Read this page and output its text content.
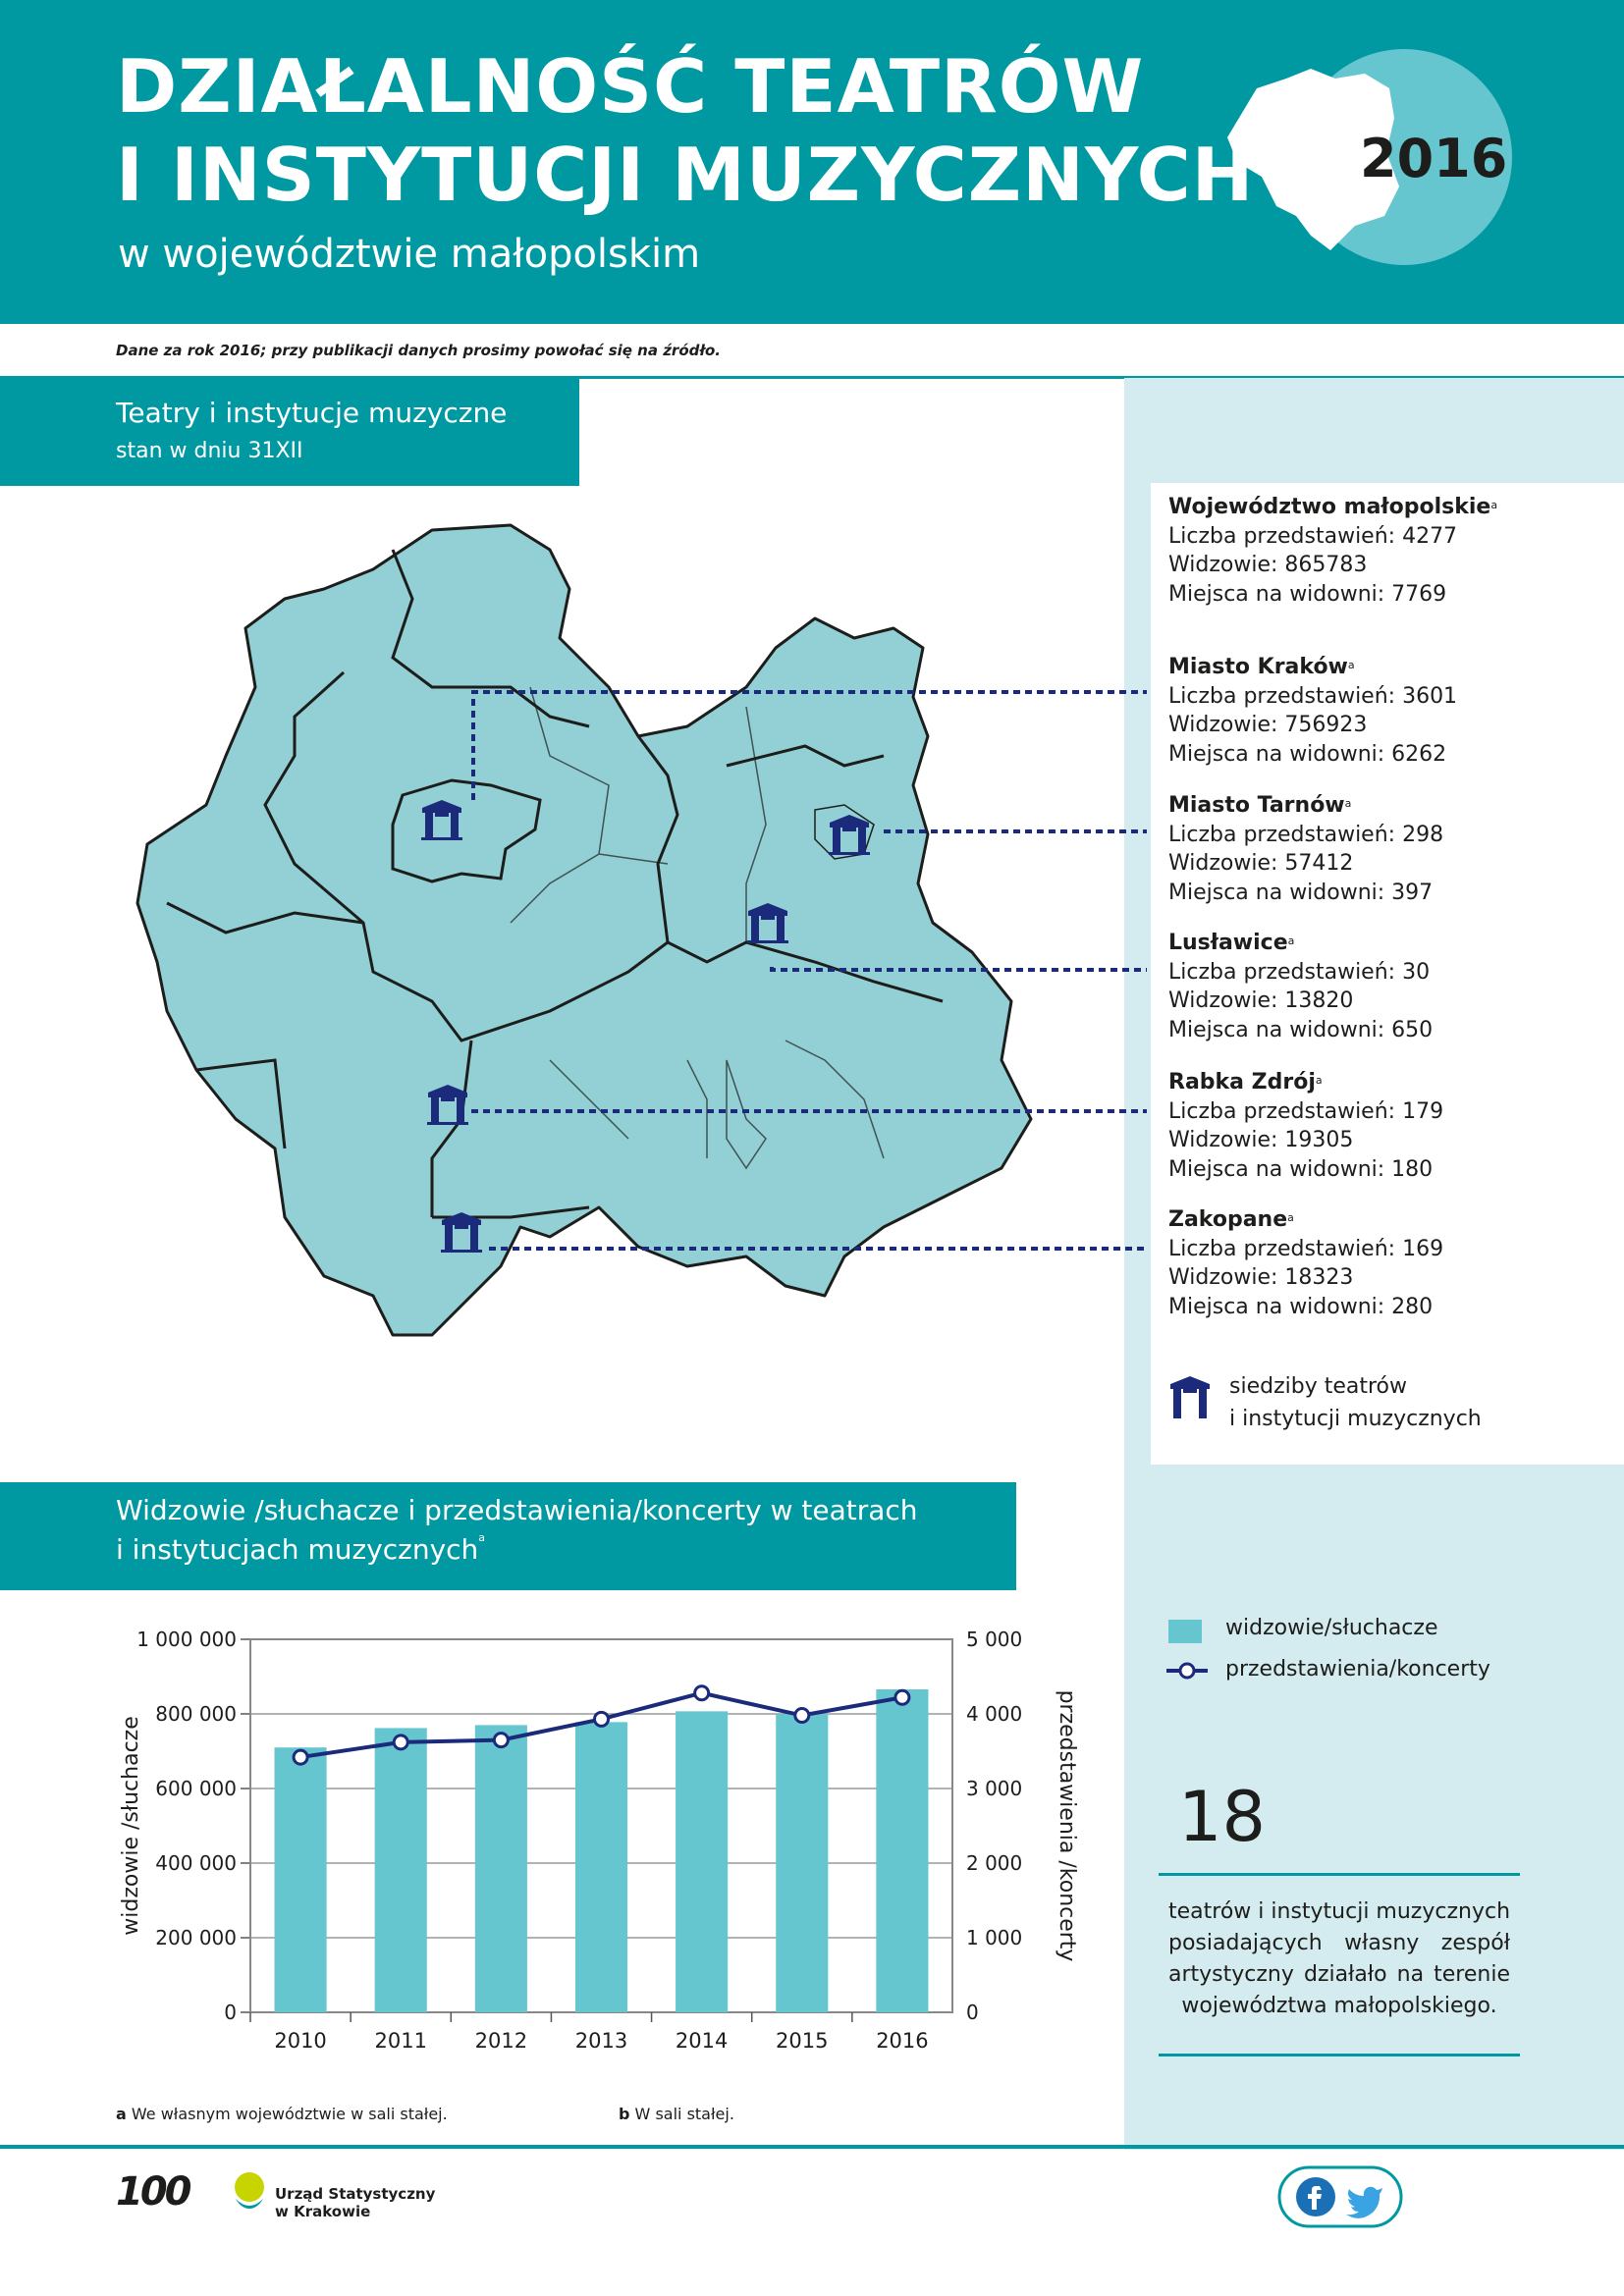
DZIAŁALNOŚĆ TEATRÓW
I INSTYTUCJI MUZYCZNYCH
w województwie małopolskim
2016
Dane za rok 2016; przy publikacji danych prosimy powołać się na źródło.
Teatry i instytucje muzyczne
stan w dniu 31XII
Województwo małopolskie$^a$
Liczba przedstawień: 4277
Widzowie: 865783
Miejsca na widowni: 7769
Miasto Kraków$^a$
Liczba przedstawień: 3601
Widzowie: 756923
Miejsca na widowni: 6262
Miasto Tarnów$^a$
Liczba przedstawień: 298
Widzowie: 57412
Miejsca na widowni: 397
Lusławice$^a$
Liczba przedstawień: 30
Widzowie: 13820
Miejsca na widowni: 650
Rabka Zdrój$^a$
Liczba przedstawień: 179
Widzowie: 19305
Miejsca na widowni: 180
Zakopane$^a$
Liczba przedstawień: 169
Widzowie: 18323
Miejsca na widowni: 280
siedziby teatrów
i instytucji muzycznych
Widzowie /słuchacze i przedstawienia/koncerty w teatrach
i instytucjach muzycznych$^a$
0	0
200 000	1 000
400 000	2 000
600 000	3 000
800 000	4 000
1 000 000	5 000
2010 2011 2012 2013 2014 2015 2016
widzowie /słuchacze	przedstawienia /koncerty
widzowie/słuchacze
przedstawienia/koncerty
18
teatrów i instytucji muzycznych posiadających własny zespół artystyczny działało na terenie województwa małopolskiego.
a We własnym województwie w sali stałej.	b W sali stałej.
100	Urząd Statystyczny
w Krakowie
